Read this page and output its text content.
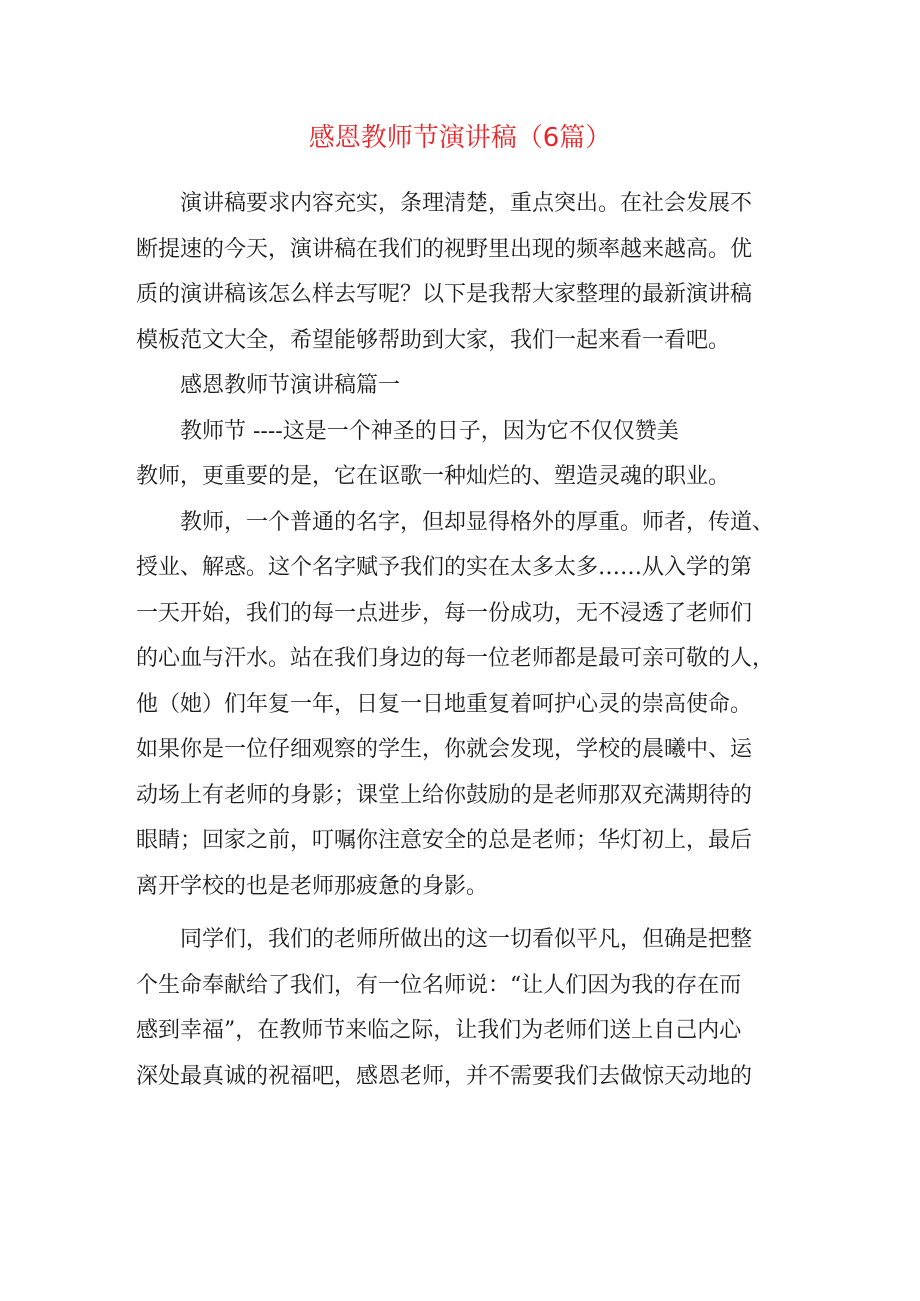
感恩教师节演讲稿（6篇）
演讲稿要求内容充实，条理清楚，重点突出。在社会发展不
断提速的今天，演讲稿在我们的视野里出现的频率越来越高。优
质的演讲稿该怎么样去写呢？以下是我帮大家整理的最新演讲稿
模板范文大全，希望能够帮助到大家，我们一起来看一看吧。
感恩教师节演讲稿篇一
教师节 ----这是一个神圣的日子，因为它不仅仅赞美
教师，更重要的是，它在讴歌一种灿烂的、塑造灵魂的职业。
教师，一个普通的名字，但却显得格外的厚重。师者，传道、
授业、解惑。这个名字赋予我们的实在太多太多……从入学的第
一天开始，我们的每一点进步，每一份成功，无不浸透了老师们
的心血与汗水。站在我们身边的每一位老师都是最可亲可敬的人，
他（她）们年复一年，日复一日地重复着呵护心灵的崇高使命。
如果你是一位仔细观察的学生，你就会发现，学校的晨曦中、运
动场上有老师的身影；课堂上给你鼓励的是老师那双充满期待的
眼睛；回家之前，叮嘱你注意安全的总是老师；华灯初上，最后
离开学校的也是老师那疲惫的身影。
同学们，我们的老师所做出的这一切看似平凡，但确是把整
个生命奉献给了我们，有一位名师说：“让人们因为我的存在而
感到幸福”，在教师节来临之际，让我们为老师们送上自己内心
深处最真诚的祝福吧，感恩老师，并不需要我们去做惊天动地的
